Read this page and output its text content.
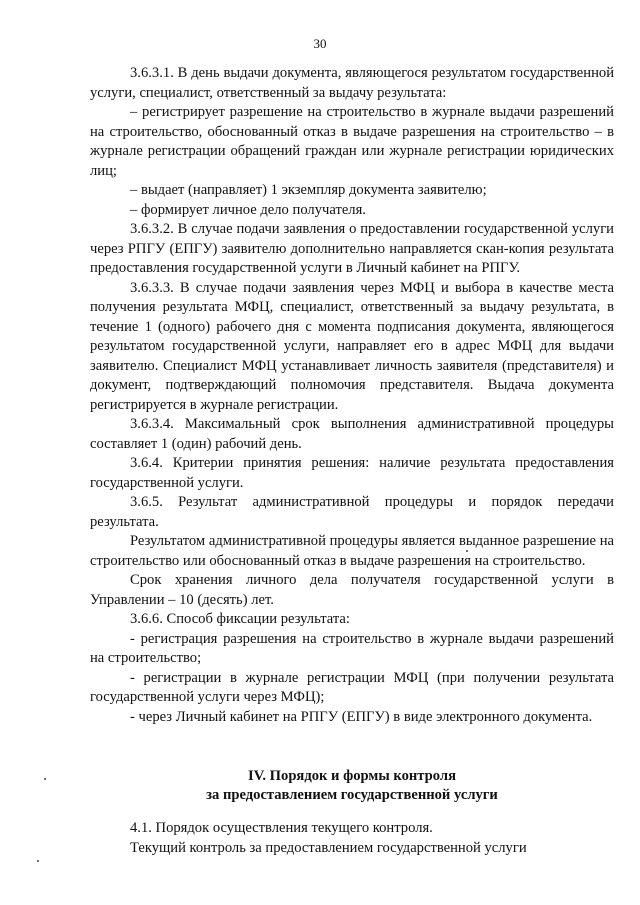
30

3.6.3.1. В день выдачи документа, являющегося результатом государственной услуги, специалист, ответственный за выдачу результата:

– регистрирует разрешение на строительство в журнале выдачи разрешений на строительство, обоснованный отказ в выдаче разрешения на строительство – в журнале регистрации обращений граждан или журнале регистрации юридических лиц;

– выдает (направляет) 1 экземпляр документа заявителю;

– формирует личное дело получателя.

3.6.3.2. В случае подачи заявления о предоставлении государственной услуги через РПГУ (ЕПГУ) заявителю дополнительно направляется скан-копия результата предоставления государственной услуги в Личный кабинет на РПГУ.

3.6.3.3. В случае подачи заявления через МФЦ и выбора в качестве места получения результата МФЦ, специалист, ответственный за выдачу результата, в течение 1 (одного) рабочего дня с момента подписания документа, являющегося результатом государственной услуги, направляет его в адрес МФЦ для выдачи заявителю. Специалист МФЦ устанавливает личность заявителя (представителя) и документ, подтверждающий полномочия представителя. Выдача документа регистрируется в журнале регистрации.

3.6.3.4. Максимальный срок выполнения административной процедуры составляет 1 (один) рабочий день.

3.6.4. Критерии принятия решения: наличие результата предоставления государственной услуги.

3.6.5. Результат административной процедуры и порядок передачи результата.

Результатом административной процедуры является выданное разрешение на строительство или обоснованный отказ в выдаче разрешения на строительство.

Срок хранения личного дела получателя государственной услуги в Управлении – 10 (десять) лет.

3.6.6. Способ фиксации результата:

- регистрация разрешения на строительство в журнале выдачи разрешений на строительство;

- регистрации в журнале регистрации МФЦ (при получении результата государственной услуги через МФЦ);

- через Личный кабинет на РПГУ (ЕПГУ) в виде электронного документа.

IV. Порядок и формы контроля

за предоставлением государственной услуги

4.1. Порядок осуществления текущего контроля.

Текущий контроль за предоставлением государственной услуги
